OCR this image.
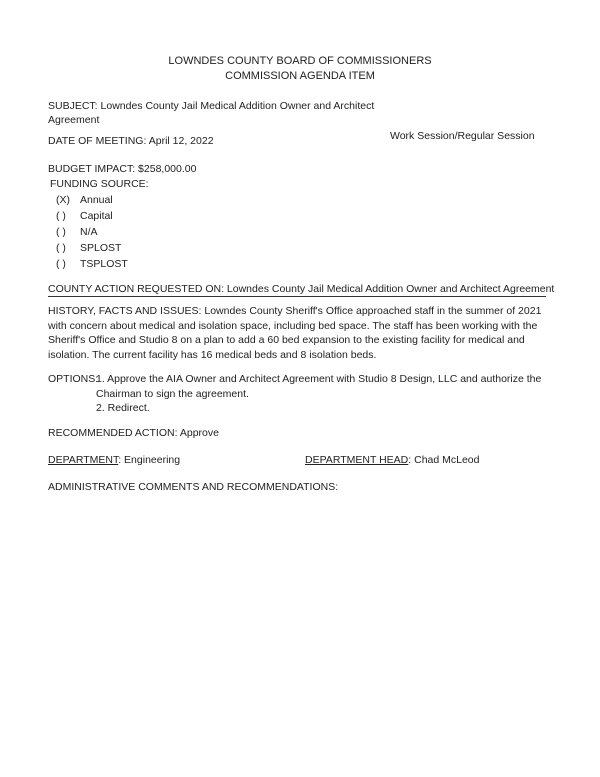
LOWNDES COUNTY BOARD OF COMMISSIONERS
COMMISSION AGENDA ITEM
SUBJECT: Lowndes County Jail Medical Addition Owner and Architect
Agreement
DATE OF MEETING: April 12, 2022	Work Session/Regular Session
BUDGET IMPACT: $258,000.00
FUNDING SOURCE:
(X) Annual
( ) Capital
( ) N/A
( ) SPLOST
( ) TSPLOST
COUNTY ACTION REQUESTED ON: Lowndes County Jail Medical Addition Owner and Architect Agreement
HISTORY, FACTS AND ISSUES: Lowndes County Sheriff's Office approached staff in the summer of 2021 with concern about medical and isolation space, including bed space. The staff has been working with the Sheriff's Office and Studio 8 on a plan to add a 60 bed expansion to the existing facility for medical and isolation. The current facility has 16 medical beds and 8 isolation beds.
OPTIONS:
1. Approve the AIA Owner and Architect Agreement with Studio 8 Design, LLC and authorize the
Chairman to sign the agreement.
2. Redirect.
RECOMMENDED ACTION: Approve
DEPARTMENT: Engineering	DEPARTMENT HEAD: Chad McLeod
ADMINISTRATIVE COMMENTS AND RECOMMENDATIONS:
